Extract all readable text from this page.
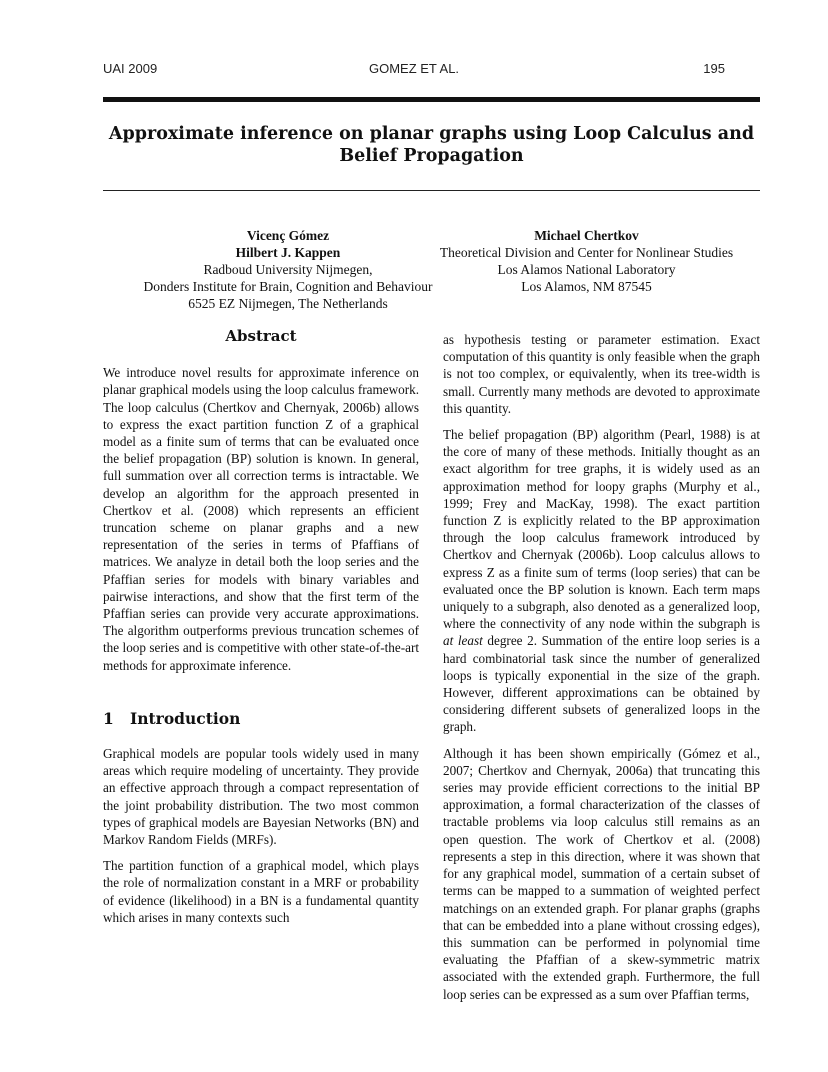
UAI 2009	GOMEZ ET AL.	195
Approximate inference on planar graphs using Loop Calculus and
Belief Propagation
Vicenç Gómez
Hilbert J. Kappen
Radboud University Nijmegen,
Donders Institute for Brain, Cognition and Behaviour
6525 EZ Nijmegen, The Netherlands
Michael Chertkov
Theoretical Division and Center for Nonlinear Studies
Los Alamos National Laboratory
Los Alamos, NM 87545
Abstract

We introduce novel results for approximate inference on planar graphical models using the loop calculus framework. The loop calculus (Chertkov and Chernyak, 2006b) allows to express the exact partition function Z of a graphical model as a finite sum of terms that can be evaluated once the belief propagation (BP) solution is known. In general, full summation over all correction terms is intractable. We develop an algorithm for the approach presented in Chertkov et al. (2008) which represents an efficient truncation scheme on planar graphs and a new representation of the series in terms of Pfaffians of matrices. We analyze in detail both the loop series and the Pfaffian series for models with binary variables and pairwise interactions, and show that the first term of the Pfaffian series can provide very accurate approximations. The algorithm outperforms previous truncation schemes of the loop series and is competitive with other state-of-the-art methods for approximate inference.

1 Introduction

Graphical models are popular tools widely used in many areas which require modeling of uncertainty. They provide an effective approach through a compact representation of the joint probability distribution. The two most common types of graphical models are Bayesian Networks (BN) and Markov Random Fields (MRFs).

The partition function of a graphical model, which plays the role of normalization constant in a MRF or probability of evidence (likelihood) in a BN is a fundamental quantity which arises in many contexts such

as hypothesis testing or parameter estimation. Exact computation of this quantity is only feasible when the graph is not too complex, or equivalently, when its tree-width is small. Currently many methods are devoted to approximate this quantity.

The belief propagation (BP) algorithm (Pearl, 1988) is at the core of many of these methods. Initially thought as an exact algorithm for tree graphs, it is widely used as an approximation method for loopy graphs (Murphy et al., 1999; Frey and MacKay, 1998). The exact partition function Z is explicitly related to the BP approximation through the loop calculus framework introduced by Chertkov and Chernyak (2006b). Loop calculus allows to express Z as a finite sum of terms (loop series) that can be evaluated once the BP solution is known. Each term maps uniquely to a subgraph, also denoted as a generalized loop, where the connectivity of any node within the subgraph is at least degree 2. Summation of the entire loop series is a hard combinatorial task since the number of generalized loops is typically exponential in the size of the graph. However, different approximations can be obtained by considering different subsets of generalized loops in the graph.

Although it has been shown empirically (Gómez et al., 2007; Chertkov and Chernyak, 2006a) that truncating this series may provide efficient corrections to the initial BP approximation, a formal characterization of the classes of tractable problems via loop calculus still remains as an open question. The work of Chertkov et al. (2008) represents a step in this direction, where it was shown that for any graphical model, summation of a certain subset of terms can be mapped to a summation of weighted perfect matchings on an extended graph. For planar graphs (graphs that can be embedded into a plane without crossing edges), this summation can be performed in polynomial time evaluating the Pfaffian of a skew-symmetric matrix associated with the extended graph. Furthermore, the full loop series can be expressed as a sum over Pfaffian terms,
